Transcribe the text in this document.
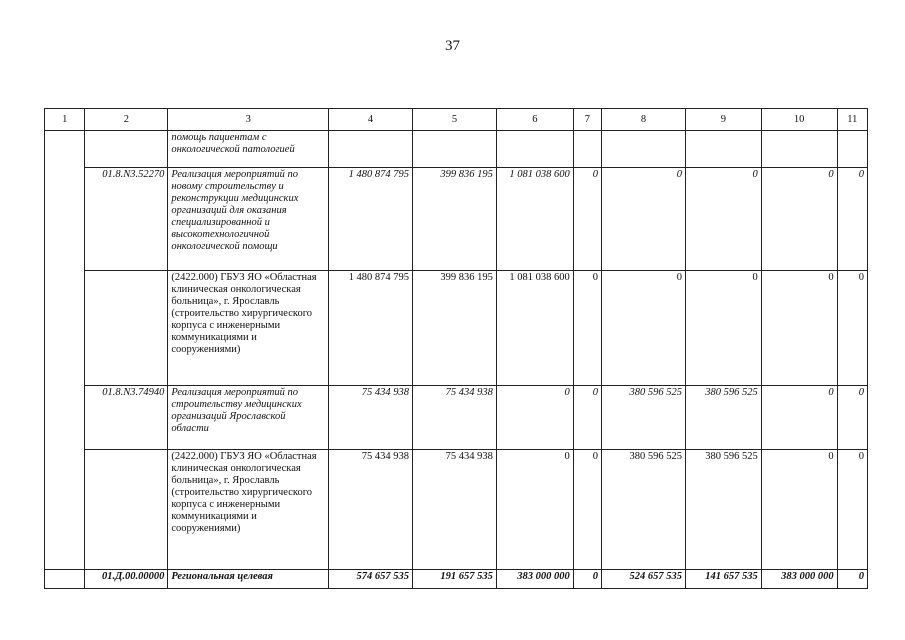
37
1	2	3	4	5	6	7	8	9	10	11
		помощь пациентам с онкологической патологией								
	01.8.N3.52270	Реализация мероприятий по новому строительству и реконструкции медицинских организаций для оказания специализированной и высокотехнологичной онкологической помощи	1 480 874 795	399 836 195	1 081 038 600	0	0	0	0	0
		(2422.000) ГБУЗ ЯО «Областная клиническая онкологическая больница», г. Ярославль (строительство хирургического корпуса с инженерными коммуникациями и сооружениями)	1 480 874 795	399 836 195	1 081 038 600	0	0	0	0	0
	01.8.N3.74940	Реализация мероприятий по строительству медицинских организаций Ярославской области	75 434 938	75 434 938	0	0	380 596 525	380 596 525	0	0
		(2422.000) ГБУЗ ЯО «Областная клиническая онкологическая больница», г. Ярославль (строительство хирургического корпуса с инженерными коммуникациями и сооружениями)	75 434 938	75 434 938	0	0	380 596 525	380 596 525	0	0
	01.Д.00.00000	Региональная целевая	574 657 535	191 657 535	383 000 000	0	524 657 535	141 657 535	383 000 000	0
